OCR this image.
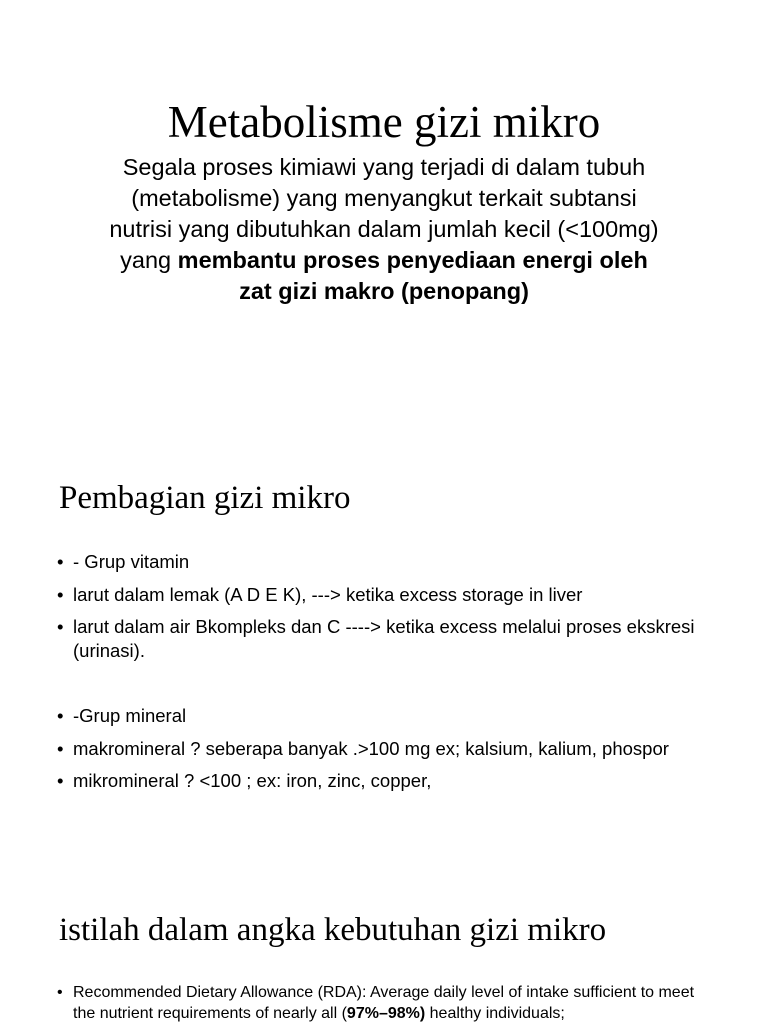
Metabolisme gizi mikro

Segala proses kimiawi yang terjadi di dalam tubuh (metabolisme) yang menyangkut terkait subtansi nutrisi yang dibutuhkan dalam jumlah kecil (<100mg) yang membantu proses penyediaan energi oleh zat gizi makro (penopang)

Pembagian gizi mikro
• - Grup vitamin
• larut dalam lemak (A D E K), ---> ketika excess storage in liver
• larut dalam air Bkompleks dan C ----> ketika excess melalui proses ekskresi (urinasi).
• -Grup mineral
• makromineral ? seberapa banyak .>100 mg ex; kalsium, kalium, phospor
• mikromineral ? <100 ; ex: iron, zinc, copper,
istilah dalam angka kebutuhan gizi mikro
• Recommended Dietary Allowance (RDA): Average daily level of intake sufficient to meet the nutrient requirements of nearly all (97%–98%) healthy individuals;
